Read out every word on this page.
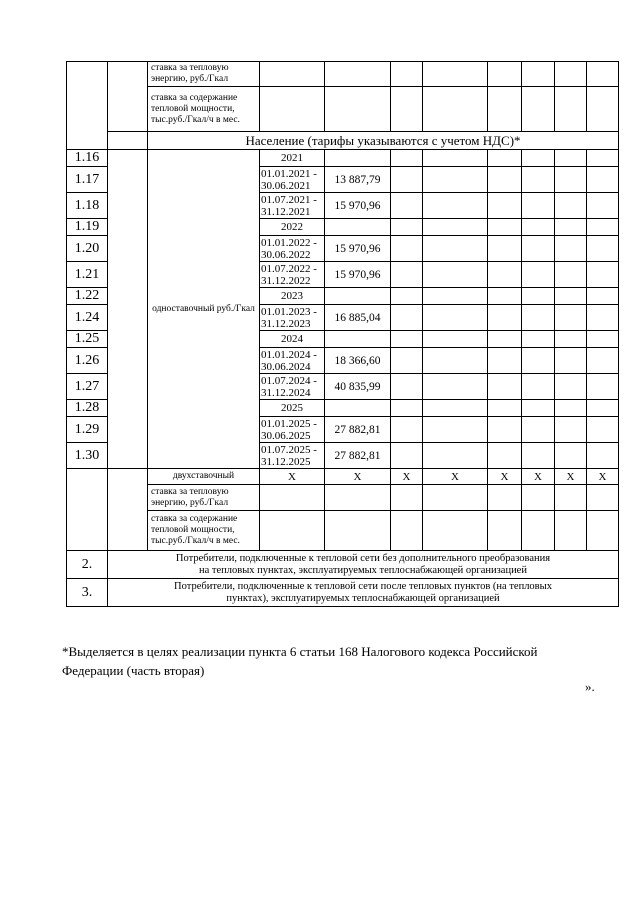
		ставка за тепловую энергию, руб./Гкал								
		ставка за содержание тепловой мощности, тыс.руб./Гкал/ч в мес.								
		Население (тарифы указываются с учетом НДС)*								
1.16		одноставочный руб./Гкал	2021							
1.17			01.01.2021 - 30.06.2021	13 887,79						
1.18			01.07.2021 - 31.12.2021	15 970,96						
1.19			2022							
1.20			01.01.2022 - 30.06.2022	15 970,96						
1.21			01.07.2022 - 31.12.2022	15 970,96						
1.22			2023							
1.24			01.01.2023 - 31.12.2023	16 885,04						
1.25			2024							
1.26			01.01.2024 - 30.06.2024	18 366,60						
1.27			01.07.2024 - 31.12.2024	40 835,99						
1.28			2025							
1.29			01.01.2025 - 30.06.2025	27 882,81						
1.30			01.07.2025 - 31.12.2025	27 882,81						
		двухставочный	Х	Х	Х	Х	Х	Х	Х	Х
		ставка за тепловую энергию, руб./Гкал								
		ставка за содержание тепловой мощности, тыс.руб./Гкал/ч в мес.								
2.	Потребители, подключенные к тепловой сети без дополнительного преобразования
на тепловых пунктах, эксплуатируемых теплоснабжающей организацией									

3.	Потребители, подключенные к тепловой сети после тепловых пунктов (на тепловых
пунктах), эксплуатируемых теплоснабжающей организацией									
*Выделяется в целях реализации пункта 6 статьи 168 Налогового кодекса Российской Федерации (часть вторая)
».
